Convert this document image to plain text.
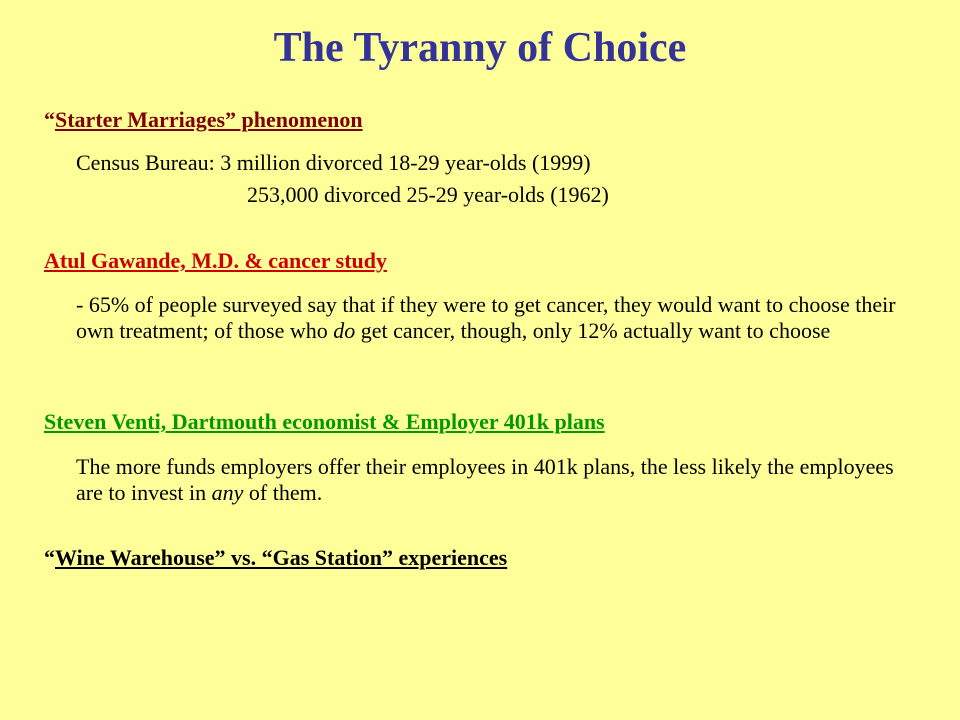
The Tyranny of Choice
“Starter Marriages” phenomenon
Census Bureau: 3 million divorced 18-29 year-olds (1999)
253,000 divorced 25-29 year-olds (1962)
Atul Gawande, M.D. & cancer study
- 65% of people surveyed say that if they were to get cancer, they would want to choose their own treatment; of those who do get cancer, though, only 12% actually want to choose
Steven Venti, Dartmouth economist & Employer 401k plans
The more funds employers offer their employees in 401k plans, the less likely the employees are to invest in any of them.
“Wine Warehouse” vs. “Gas Station” experiences
